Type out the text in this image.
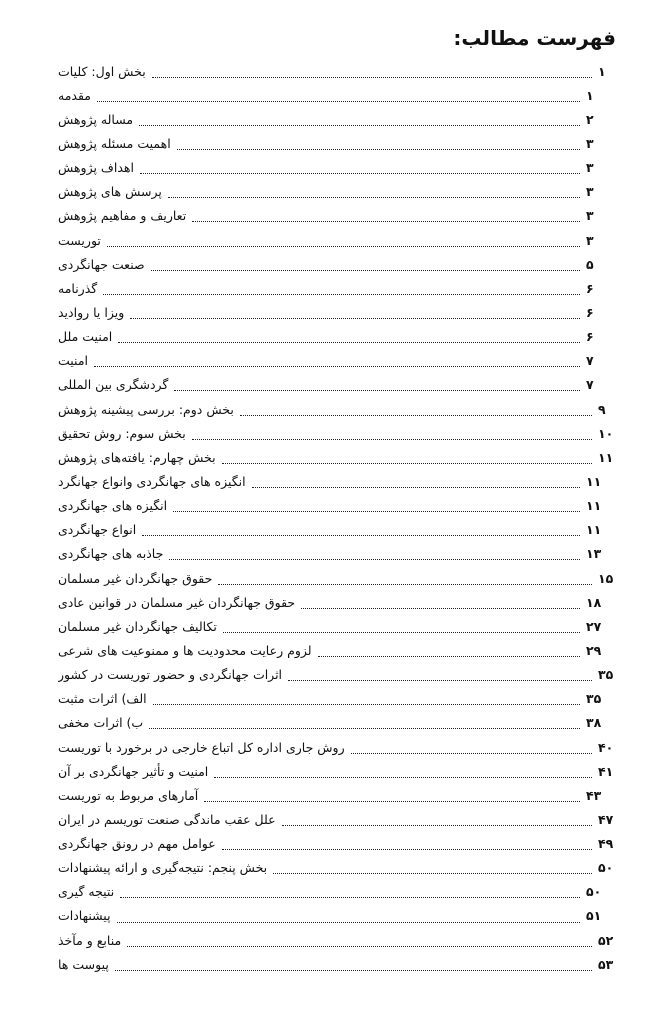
فهرست مطالب:
بخش اول: کلیات	۱
مقدمه	۱
مساله پژوهش	۲
اهمیت مسئله پژوهش	۳
اهداف پژوهش	۳
پرسش های پژوهش	۳
تعاریف و مفاهیم پژوهش	۳
توریست	۳
صنعت جهانگردی	۵
گذرنامه	۶
ویزا یا روادید	۶
امنیت ملل	۶
امنیت	۷
گردشگری بین المللی	۷
بخش دوم: بررسی پیشینه پژوهش	۹
بخش سوم: روش تحقیق	۱۰
بخش چهارم: یافته‌های پژوهش	۱۱
انگیزه های جهانگردی وانواع جهانگرد	۱۱
انگیزه های جهانگردی	۱۱
انواع جهانگردی	۱۱
جاذبه های جهانگردی	۱۳
حقوق جهانگردان غیر مسلمان	۱۵
حقوق جهانگردان غیر مسلمان در قوانین عادی	۱۸
تکالیف جهانگردان غیر مسلمان	۲۷
لزوم رعایت محدودیت ها و ممنوعیت های شرعی	۲۹
اثرات جهانگردی و حضور توریست در کشور	۳۵
الف) اثرات مثبت	۳۵
ب) اثرات مخفی	۳۸
روش جاری اداره کل اتباع خارجی در برخورد با توریست	۴۰
امنیت و تأثیر جهانگردی بر آن	۴۱
آمارهای مربوط به توریست	۴۳
علل عقب ماندگی صنعت توریسم در ایران	۴۷
عوامل مهم در رونق جهانگردی	۴۹
بخش پنجم: نتیجه‌گیری و ارائه پیشنهادات	۵۰
نتیجه گیری	۵۰
پیشنهادات	۵۱
منابع و مآخذ	۵۲
پیوست ها	۵۳
